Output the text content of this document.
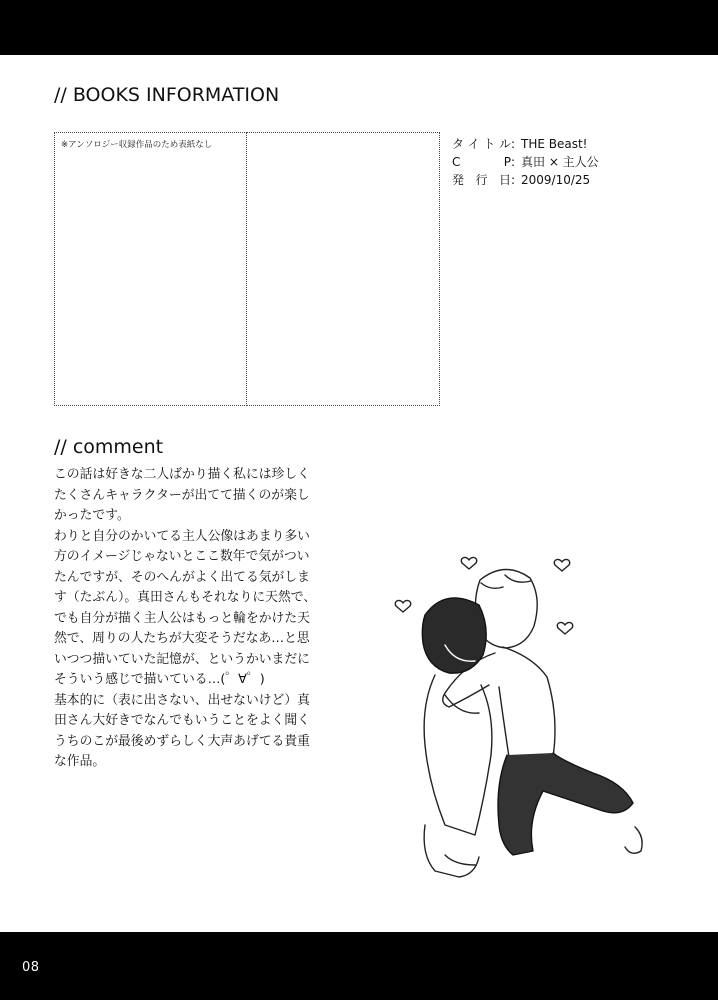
// BOOKS INFORMATION
※アンソロジー収録作品のため表紙なし	タ イ ト ル : THE Beast!
C	P : 真田 × 主人公
発 行 日 : 2009/10/25
// comment
この話は好きな二人ばかり描く私には珍しく
たくさんキャラクターが出てて描くのが楽し
かったです。
わりと自分のかいてる主人公像はあまり多い
方のイメージじゃないとここ数年で気がつい
たんですが、そのへんがよく出てる気がしま
す（たぶん）。真田さんもそれなりに天然で、
でも自分が描く主人公はもっと輪をかけた天
然で、周りの人たちが大変そうだなあ…と思
いつつ描いていた記憶が、というかいまだに
そういう感じで描いている…(゜∀゜)
基本的に（表に出さない、出せないけど）真
田さん大好きでなんでもいうことをよく聞く
うちのこが最後めずらしく大声あげてる貴重
な作品。
08
